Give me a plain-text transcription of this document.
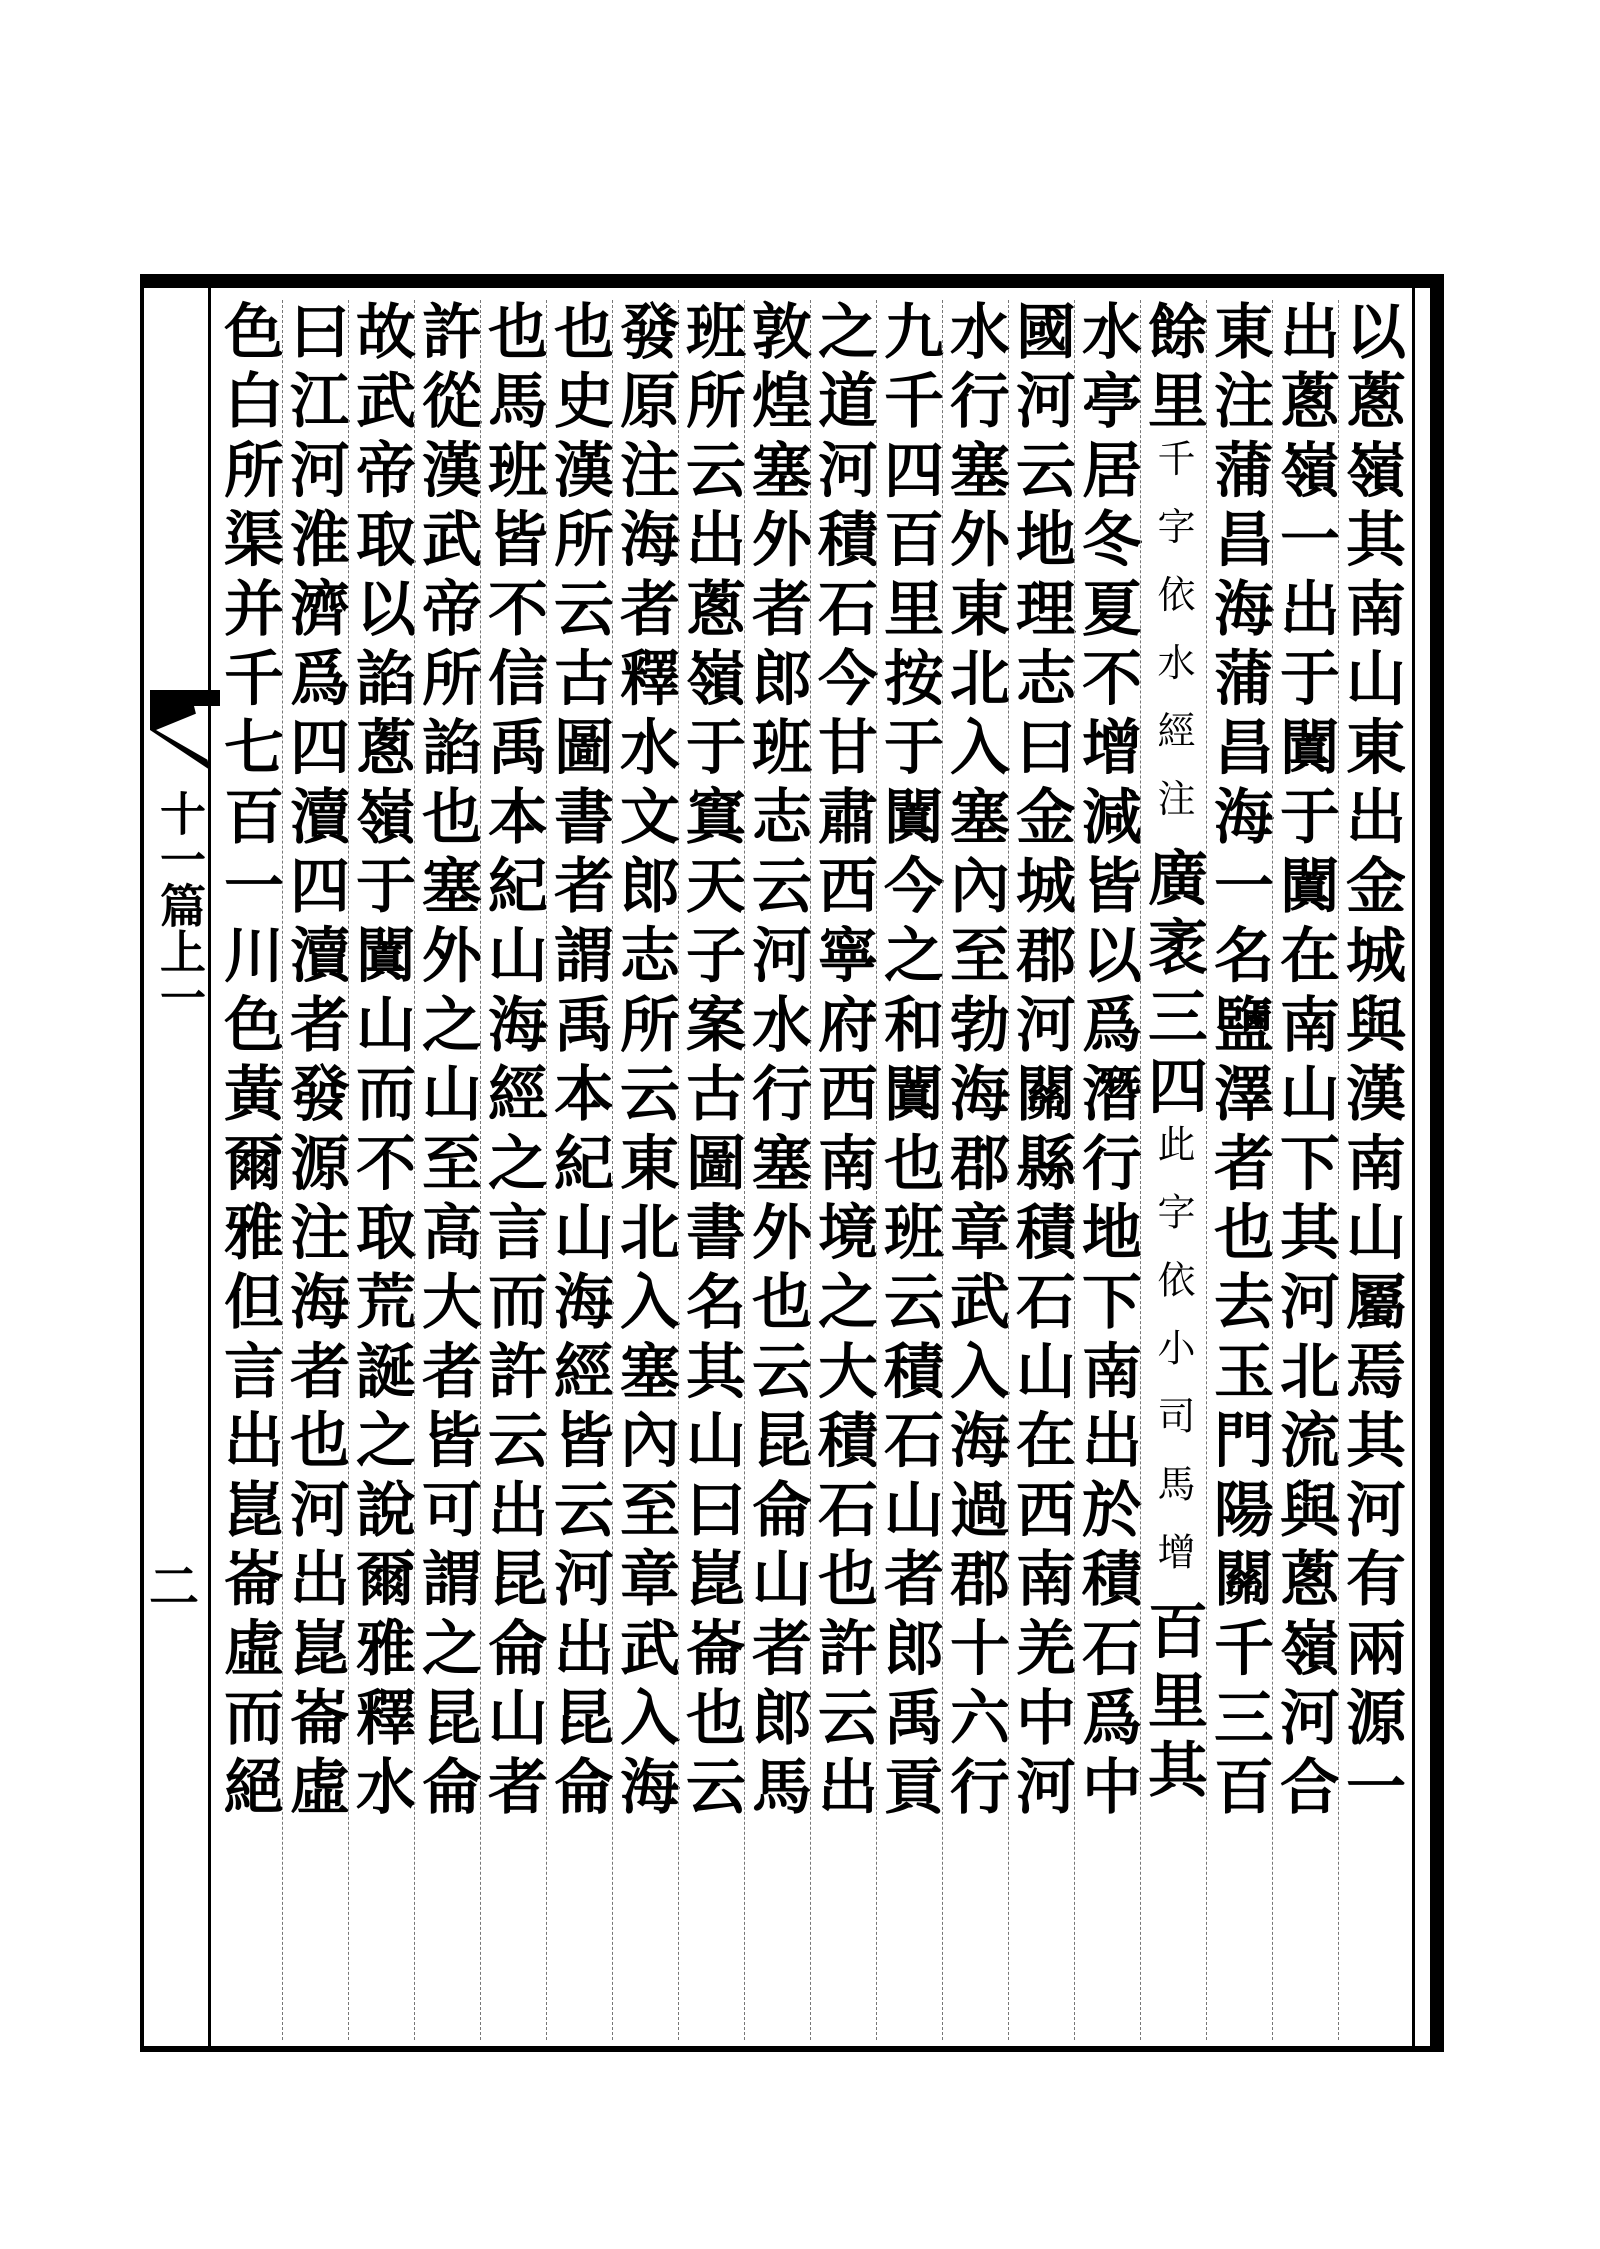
十一篇上一
二	以蔥嶺其南山東出金城與漢南山屬焉其河有兩源一
出蔥嶺一出于闐于闐在南山下其河北流與蔥嶺河合
東注蒲昌海蒲昌海一名鹽澤者也去玉門陽關千三百
餘里千字依水經注廣袤三四此字依小司馬增百里其
水亭居冬夏不增減皆以爲潛行地下南出於積石爲中
國河云地理志曰金城郡河關縣積石山在西南羌中河
水行塞外東北入塞內至勃海郡章武入海過郡十六行
九千四百里按于闐今之和闐也班云積石山者郎禹貢
之道河積石今甘肅西寧府西南境之大積石也許云出
敦煌塞外者郎班志云河水行塞外也云昆侖山者郎馬
班所云出蔥嶺于窴天子案古圖書名其山曰崑崙也云
發原注海者釋水文郎志所云東北入塞內至章武入海
也史漢所云古圖書者謂禹本紀山海經皆云河出昆侖
也馬班皆不信禹本紀山海經之言而許云出昆侖山者
許從漢武帝所諂也塞外之山至高大者皆可謂之昆侖
故武帝取以諂蔥嶺于闐山而不取荒誕之說爾雅釋水
曰江河淮濟爲四瀆四瀆者發源注海者也河出崑崙虛
色白所渠并千七百一川色黃爾雅但言出崑崙虛而絕
